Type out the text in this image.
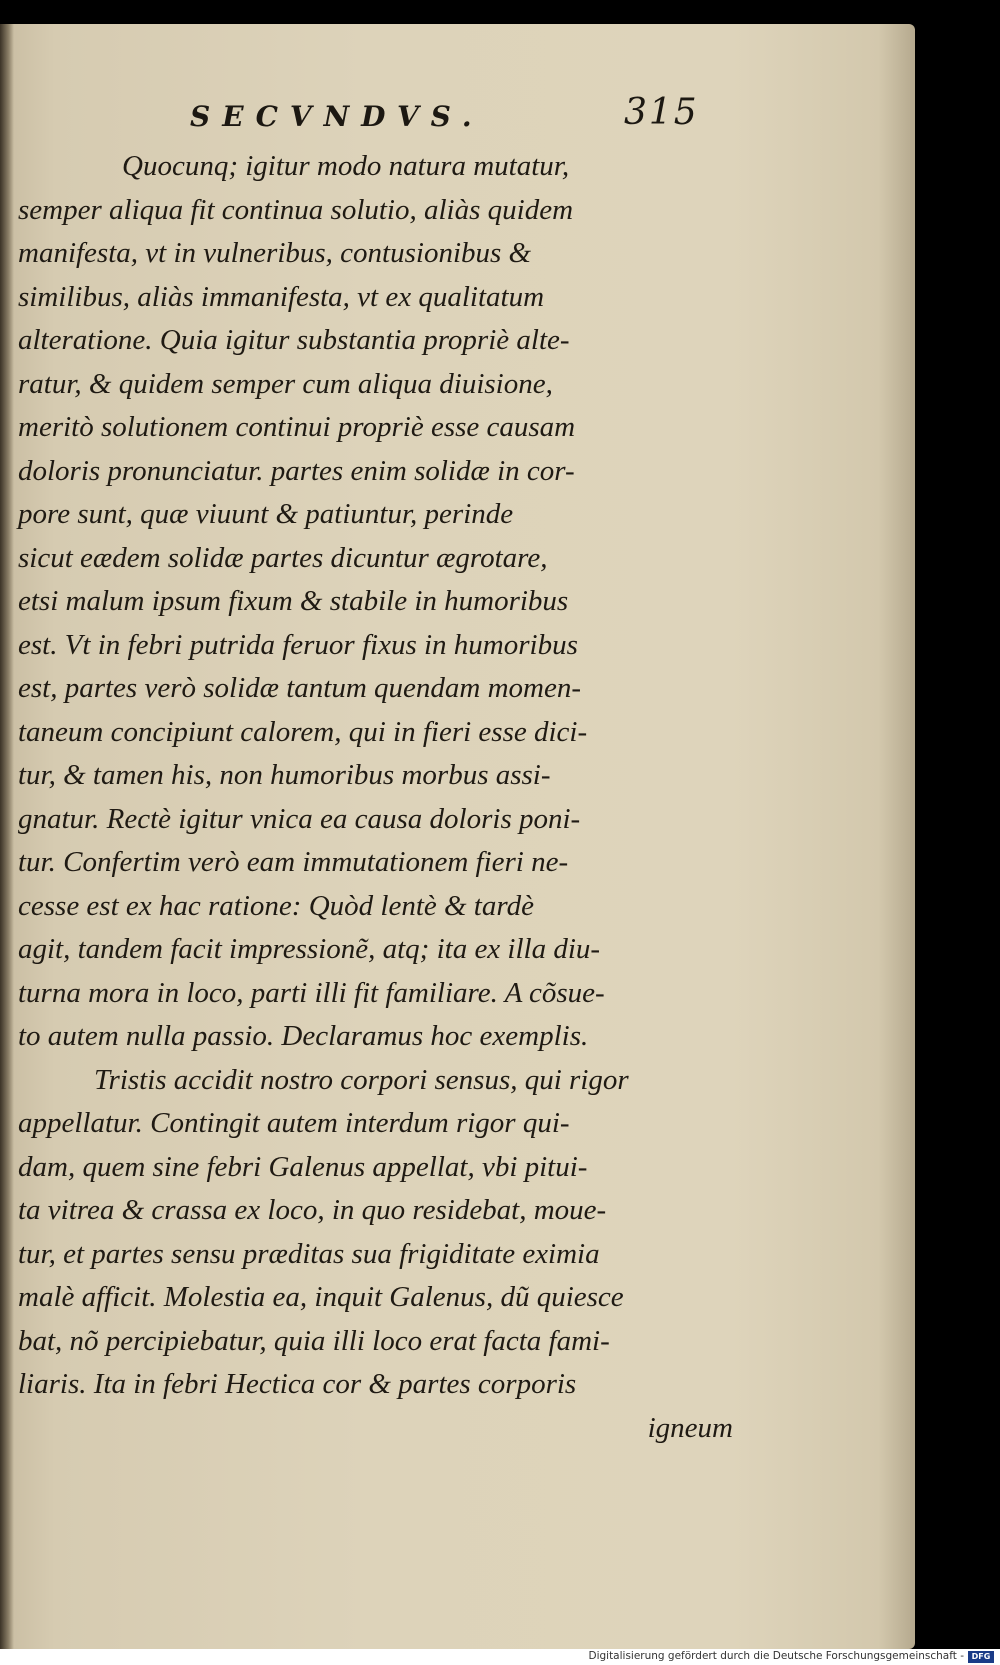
SECVNDVS.	315
Quocunq; igitur modo natura mutatur,
semper aliqua fit continua solutio, aliàs quidem
manifesta, vt in vulneribus, contusionibus &
similibus, aliàs immanifesta, vt ex qualitatum
alteratione. Quia igitur substantia propriè alte-
ratur, & quidem semper cum aliqua diuisione,
meritò solutionem continui propriè esse causam
doloris pronunciatur. partes enim solidæ in cor-
pore sunt, quæ viuunt & patiuntur, perinde
sicut eædem solidæ partes dicuntur ægrotare,
etsi malum ipsum fixum & stabile in humoribus
est. Vt in febri putrida feruor fixus in humoribus
est, partes verò solidæ tantum quendam momen-
taneum concipiunt calorem, qui in fieri esse dici-
tur, & tamen his, non humoribus morbus assi-
gnatur. Rectè igitur vnica ea causa doloris poni-
tur. Confertim verò eam immutationem fieri ne-
cesse est ex hac ratione: Quòd lentè & tardè
agit, tandem facit impressionẽ, atq; ita ex illa diu-
turna mora in loco, parti illi fit familiare. A cõsue-
to autem nulla passio. Declaramus hoc exemplis.
Tristis accidit nostro corpori sensus, qui rigor
appellatur. Contingit autem interdum rigor qui-
dam, quem sine febri Galenus appellat, vbi pitui-
ta vitrea & crassa ex loco, in quo residebat, moue-
tur, et partes sensu præditas sua frigiditate eximia
malè afficit. Molestia ea, inquit Galenus, dũ quiesce
bat, nõ percipiebatur, quia illi loco erat facta fami-
liaris. Ita in febri Hectica cor & partes corporis
igneum
Digitalisierung gefördert durch die Deutsche Forschungsgemeinschaft - DFG
